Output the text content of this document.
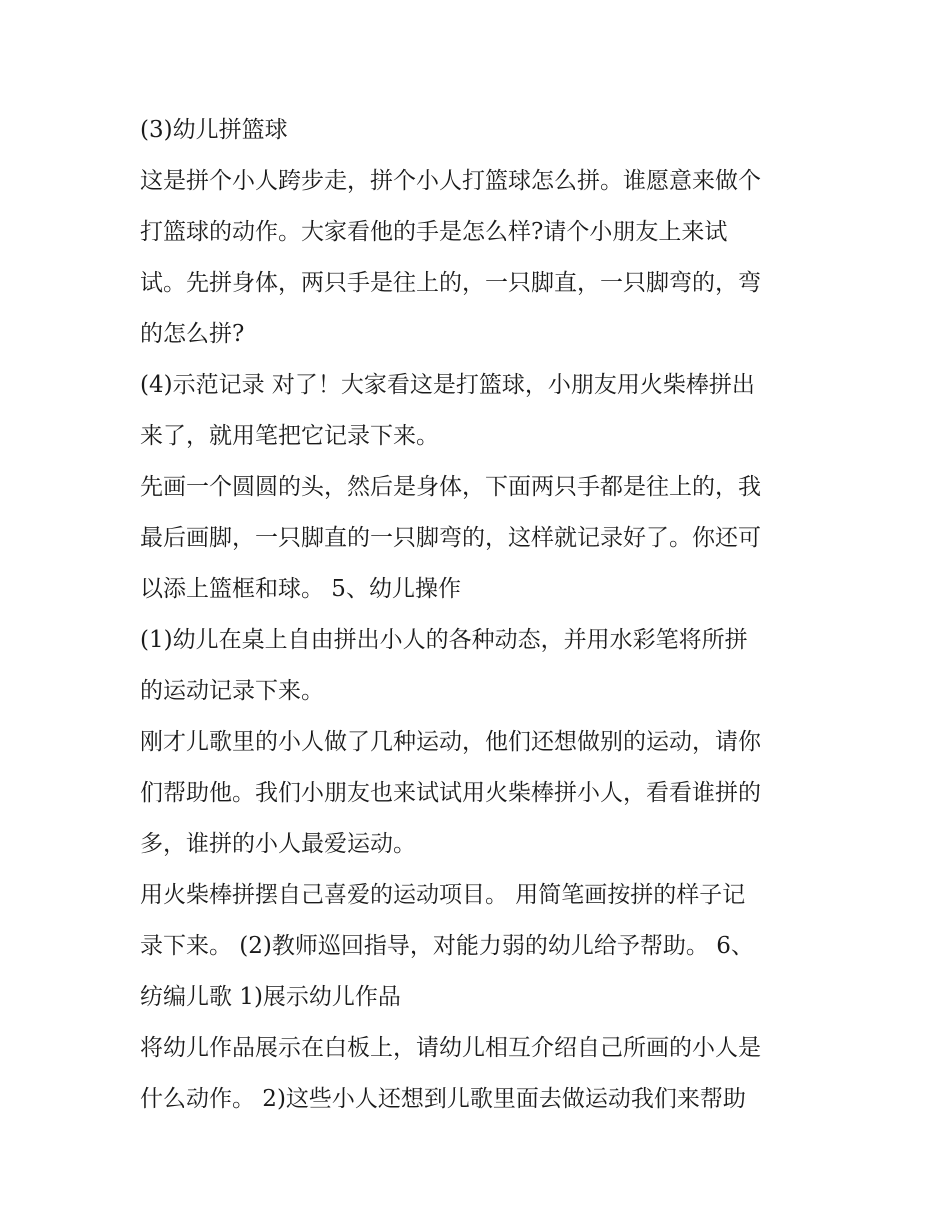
(3)幼儿拼篮球
这是拼个小人跨步走，拼个小人打篮球怎么拼。谁愿意来做个
打篮球的动作。大家看他的手是怎么样?请个小朋友上来试
试。先拼身体，两只手是往上的，一只脚直，一只脚弯的，弯
的怎么拼?
(4)示范记录 对了！大家看这是打篮球，小朋友用火柴棒拼出
来了，就用笔把它记录下来。
先画一个圆圆的头，然后是身体，下面两只手都是往上的，我
最后画脚，一只脚直的一只脚弯的，这样就记录好了。你还可
以添上篮框和球。 5、幼儿操作
(1)幼儿在桌上自由拼出小人的各种动态，并用水彩笔将所拼
的运动记录下来。
刚才儿歌里的小人做了几种运动，他们还想做别的运动，请你
们帮助他。我们小朋友也来试试用火柴棒拼小人，看看谁拼的
多，谁拼的小人最爱运动。
用火柴棒拼摆自己喜爱的运动项目。 用简笔画按拼的样子记
录下来。 (2)教师巡回指导，对能力弱的幼儿给予帮助。 6、
纺编儿歌 1)展示幼儿作品
将幼儿作品展示在白板上，请幼儿相互介绍自己所画的小人是
什么动作。 2)这些小人还想到儿歌里面去做运动我们来帮助
